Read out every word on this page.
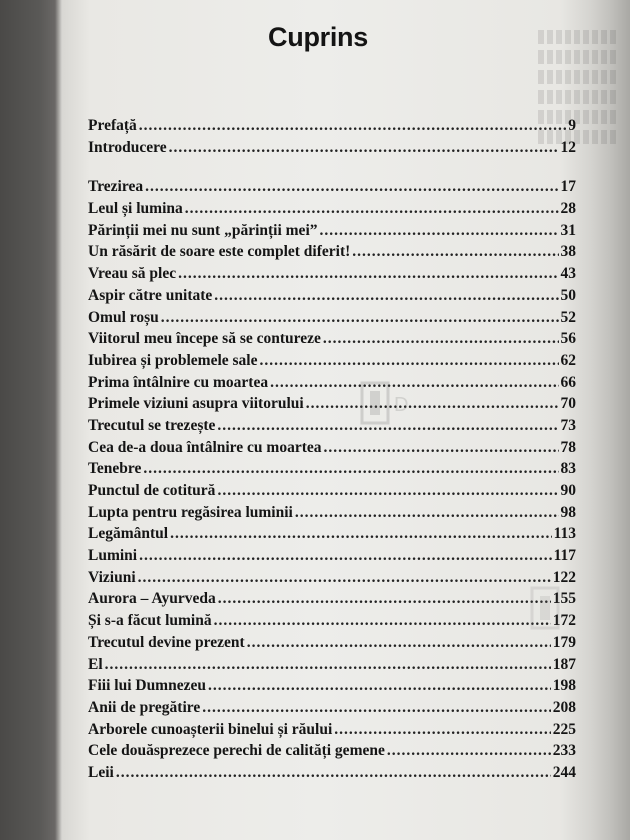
Cuprins
Prefață .....	9
Introducere .....	12
Trezirea .....	17
Leul și lumina .....	28
Părinții mei nu sunt „părinții mei” .....	31
Un răsărit de soare este complet diferit! .....	38
Vreau să plec .....	43
Aspir către unitate .....	50
Omul roșu .....	52
Viitorul meu începe să se contureze .....	56
Iubirea și problemele sale .....	62
Prima întâlnire cu moartea .....	66
Primele viziuni asupra viitorului .....	70
Trecutul se trezește .....	73
Cea de-a doua întâlnire cu moartea .....	78
Tenebre .....	83
Punctul de cotitură .....	90
Lupta pentru regăsirea luminii .....	98
Legământul .....	113
Lumini .....	117
Viziuni .....	122
Aurora – Ayurveda .....	155
Și s-a făcut lumină .....	172
Trecutul devine prezent .....	179
El .....	187
Fiii lui Dumnezeu .....	198
Anii de pregătire .....	208
Arborele cunoașterii binelui și răului .....	225
Cele douăsprezece perechi de calități gemene .....	233
Leii .....	244
D
